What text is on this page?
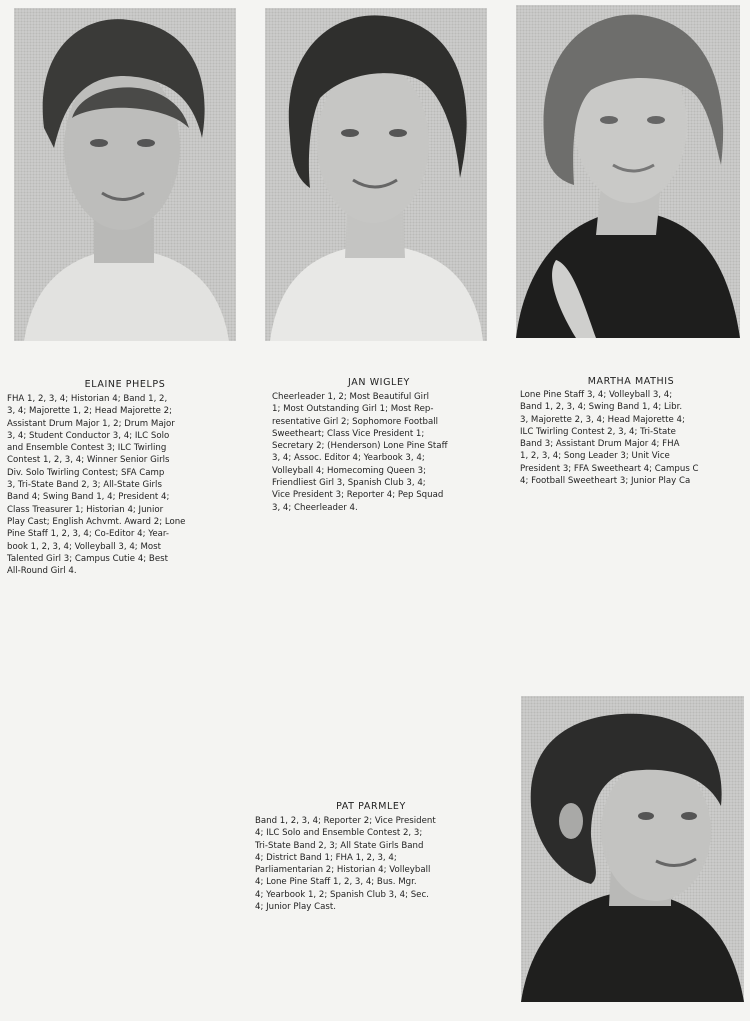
ELAINE PHELPS
FHA 1, 2, 3, 4; Historian 4; Band 1, 2,
3, 4; Majorette 1, 2; Head Majorette 2;
Assistant Drum Major 1, 2; Drum Major
3, 4; Student Conductor 3, 4; ILC Solo
and Ensemble Contest 3; ILC Twirling
Contest 1, 2, 3, 4; Winner Senior Girls
Div. Solo Twirling Contest; SFA Camp
3, Tri-State Band 2, 3; All-State Girls
Band 4; Swing Band 1, 4; President 4;
Class Treasurer 1; Historian 4; Junior
Play Cast; English Achvmt. Award 2; Lone
Pine Staff 1, 2, 3, 4; Co-Editor 4; Year-
book 1, 2, 3, 4; Volleyball 3, 4; Most
Talented Girl 3; Campus Cutie 4; Best
All-Round Girl 4.
JAN WIGLEY
Cheerleader 1, 2; Most Beautiful Girl
1; Most Outstanding Girl 1; Most Rep-
resentative Girl 2; Sophomore Football
Sweetheart; Class Vice President 1;
Secretary 2; (Henderson) Lone Pine Staff
3, 4; Assoc. Editor 4; Yearbook 3, 4;
Volleyball 4; Homecoming Queen 3;
Friendliest Girl 3, Spanish Club 3, 4;
Vice President 3; Reporter 4; Pep Squad
3, 4; Cheerleader 4.
MARTHA MATHIS
Lone Pine Staff 3, 4; Volleyball 3, 4;
Band 1, 2, 3, 4; Swing Band 1, 4; Libr.
3, Majorette 2, 3, 4; Head Majorette 4;
ILC Twirling Contest 2, 3, 4; Tri-State
Band 3; Assistant Drum Major 4; FHA
1, 2, 3, 4; Song Leader 3; Unit Vice
President 3; FFA Sweetheart 4; Campus C
4; Football Sweetheart 3; Junior Play Ca
PAT PARMLEY
Band 1, 2, 3, 4; Reporter 2; Vice President
4; ILC Solo and Ensemble Contest 2, 3;
Tri-State Band 2, 3; All State Girls Band
4; District Band 1; FHA 1, 2, 3, 4;
Parliamentarian 2; Historian 4; Volleyball
4; Lone Pine Staff 1, 2, 3, 4; Bus. Mgr.
4; Yearbook 1, 2; Spanish Club 3, 4; Sec.
4; Junior Play Cast.
